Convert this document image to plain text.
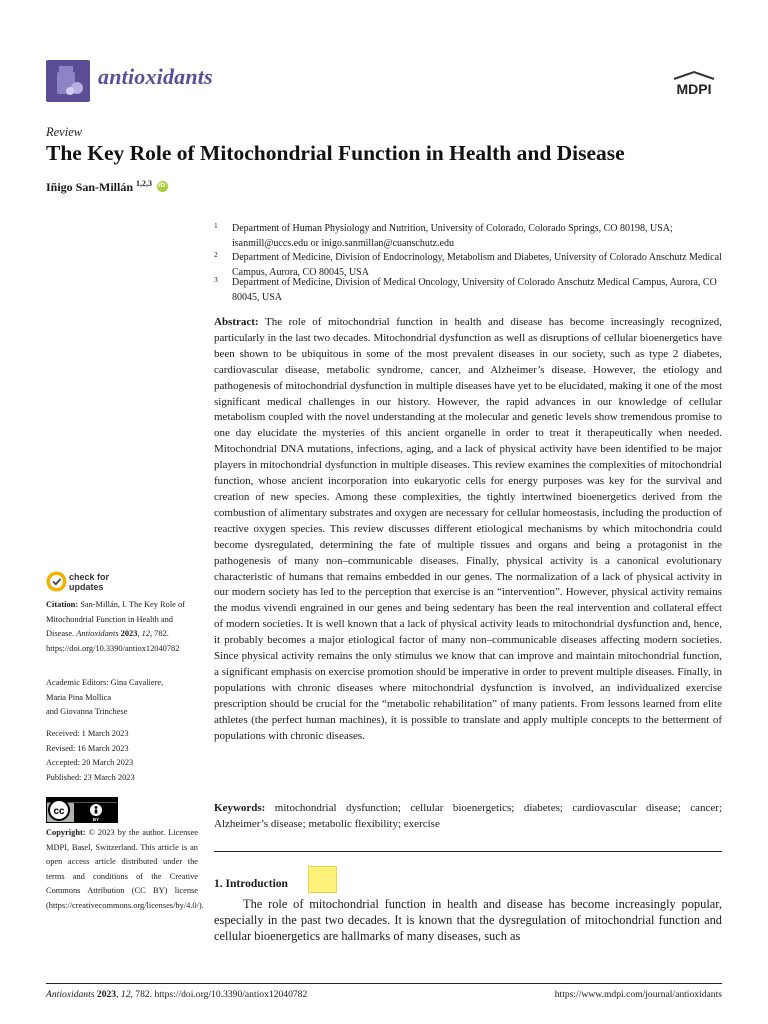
antioxidants	MDPI
Review
The Key Role of Mitochondrial Function in Health and Disease
Iñigo San-Millán $^{1,2,3}$ iD
1 Department of Human Physiology and Nutrition, University of Colorado, Colorado Springs, CO 80198, USA; isanmill@uccs.edu or inigo.sanmillan@cuanschutz.edu
2 Department of Medicine, Division of Endocrinology, Metabolism and Diabetes, University of Colorado Anschutz Medical Campus, Aurora, CO 80045, USA
3 Department of Medicine, Division of Medical Oncology, University of Colorado Anschutz Medical Campus, Aurora, CO 80045, USA
Abstract: The role of mitochondrial function in health and disease has become increasingly recognized, particularly in the last two decades. Mitochondrial dysfunction as well as disruptions of cellular bioenergetics have been shown to be ubiquitous in some of the most prevalent diseases in our society, such as type 2 diabetes, cardiovascular disease, metabolic syndrome, cancer, and Alzheimer’s disease. However, the etiology and pathogenesis of mitochondrial dysfunction in multiple diseases have yet to be elucidated, making it one of the most significant medical challenges in our history. However, the rapid advances in our knowledge of cellular metabolism coupled with the novel understanding at the molecular and genetic levels show tremendous promise to one day elucidate the mysteries of this ancient organelle in order to treat it therapeutically when needed. Mitochondrial DNA mutations, infections, aging, and a lack of physical activity have been identified to be major players in mitochondrial dysfunction in multiple diseases. This review examines the complexities of mitochondrial function, whose ancient incorporation into eukaryotic cells for energy purposes was key for the survival and creation of new species. Among these complexities, the tightly intertwined bioenergetics derived from the combustion of alimentary substrates and oxygen are necessary for cellular homeostasis, including the production of reactive oxygen species. This review discusses different etiological mechanisms by which mitochondria could become dysregulated, determining the fate of multiple tissues and organs and being a protagonist in the pathogenesis of many non–communicable diseases. Finally, physical activity is a canonical evolutionary characteristic of humans that remains embedded in our genes. The normalization of a lack of physical activity in our modern society has led to the perception that exercise is an “intervention”. However, physical activity remains the modus vivendi engrained in our genes and being sedentary has been the real intervention and collateral effect of modern societies. It is well known that a lack of physical activity leads to mitochondrial dysfunction and, hence, it probably becomes a major etiological factor of many non–communicable diseases affecting modern societies. Since physical activity remains the only stimulus we know that can improve and maintain mitochondrial function, a significant emphasis on exercise promotion should be imperative in order to prevent multiple diseases. Finally, in populations with chronic diseases where mitochondrial dysfunction is involved, an individualized exercise prescription should be crucial for the “metabolic rehabilitation” of many patients. From lessons learned from elite athletes (the perfect human machines), it is possible to translate and apply multiple concepts to the betterment of populations with chronic diseases.
Keywords: mitochondrial dysfunction; cellular bioenergetics; diabetes; cardiovascular disease; cancer; Alzheimer’s disease; metabolic flexibility; exercise
1. Introduction
The role of mitochondrial function in health and disease has become increasingly popular, especially in the past two decades. It is known that the dysregulation of mitochondrial function and cellular bioenergetics are hallmarks of many diseases, such as
check for
updates
Citation: San-Millán, I. The Key Role of Mitochondrial Function in Health and Disease. Antioxidants 2023, 12, 782. https://doi.org/10.3390/antiox12040782
Academic Editors: Gina Cavaliere,
Maria Pina Mollica
and Giovanna Trinchese
Received: 1 March 2023
Revised: 16 March 2023
Accepted: 20 March 2023
Published: 23 March 2023
cc
BY
Copyright: © 2023 by the author. Licensee MDPI, Basel, Switzerland. This article is an open access article distributed under the terms and conditions of the Creative Commons Attribution (CC BY) license (https://creativecommons.org/licenses/by/4.0/).
Antioxidants 2023, 12, 782. https://doi.org/10.3390/antiox12040782	https://www.mdpi.com/journal/antioxidants
